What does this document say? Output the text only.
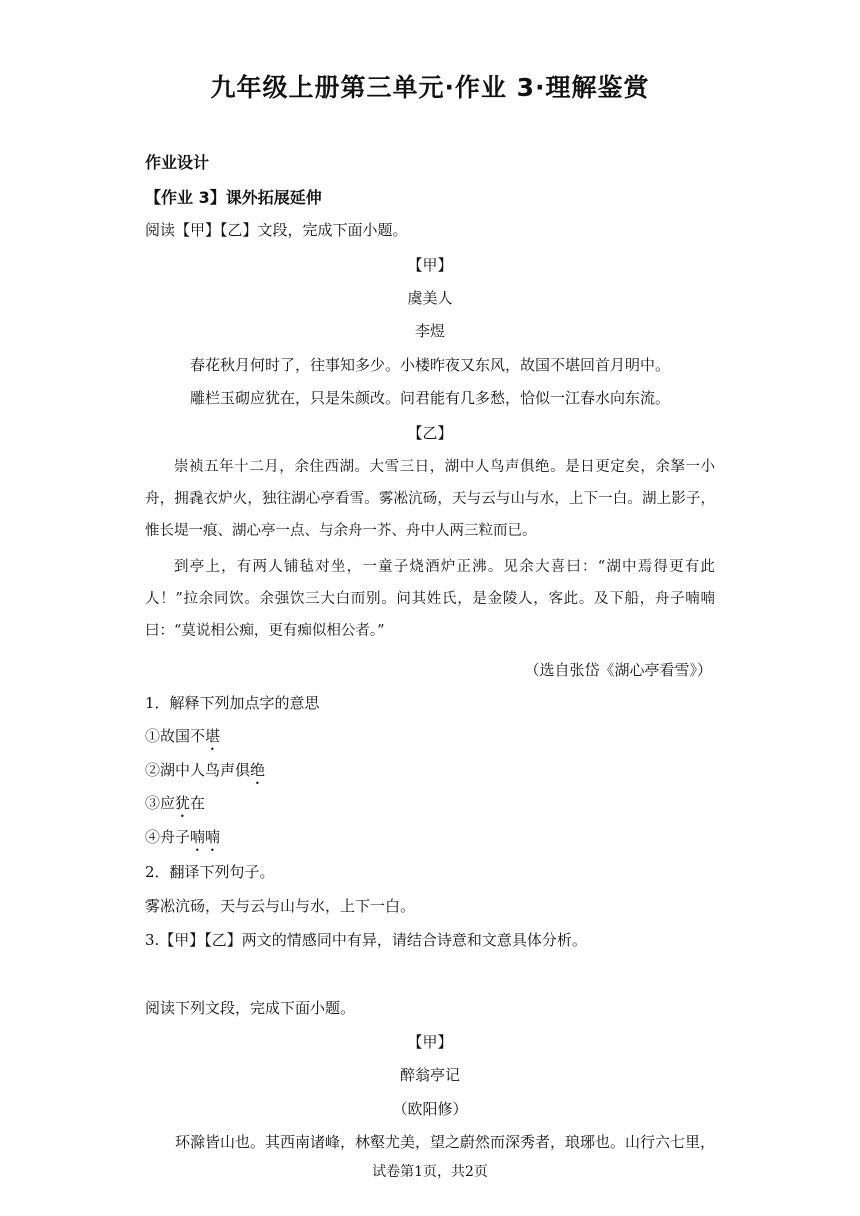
九年级上册第三单元·作业 3·理解鉴赏
作业设计
【作业 3】课外拓展延伸
阅读【甲】【乙】文段，完成下面小题。
【甲】
虞美人
李煜
春花秋月何时了，往事知多少。小楼昨夜又东风，故国不堪回首月明中。
雕栏玉砌应犹在，只是朱颜改。问君能有几多愁，恰似一江春水向东流。
【乙】
崇祯五年十二月，余住西湖。大雪三日，湖中人鸟声俱绝。是日更定矣，余拏一小舟，拥毳衣炉火，独往湖心亭看雪。雾凇沆砀，天与云与山与水，上下一白。湖上影子，惟长堤一痕、湖心亭一点、与余舟一芥、舟中人两三粒而已。
到亭上，有两人铺毡对坐，一童子烧酒炉正沸。见余大喜曰：“湖中焉得更有此人！”拉余同饮。余强饮三大白而别。问其姓氏，是金陵人，客此。及下船，舟子喃喃曰：“莫说相公痴，更有痴似相公者。”
（选自张岱《湖心亭看雪》）
1．解释下列加点字的意思
①故国不堪
②湖中人鸟声俱绝
③应犹在
④舟子喃喃
2．翻译下列句子。
雾凇沆砀，天与云与山与水，上下一白。
3.【甲】【乙】两文的情感同中有异，请结合诗意和文意具体分析。
阅读下列文段，完成下面小题。
【甲】
醉翁亭记
（欧阳修）
环滁皆山也。其西南诸峰，林壑尤美，望之蔚然而深秀者，琅琊也。山行六七里，
试卷第1页，共2页
